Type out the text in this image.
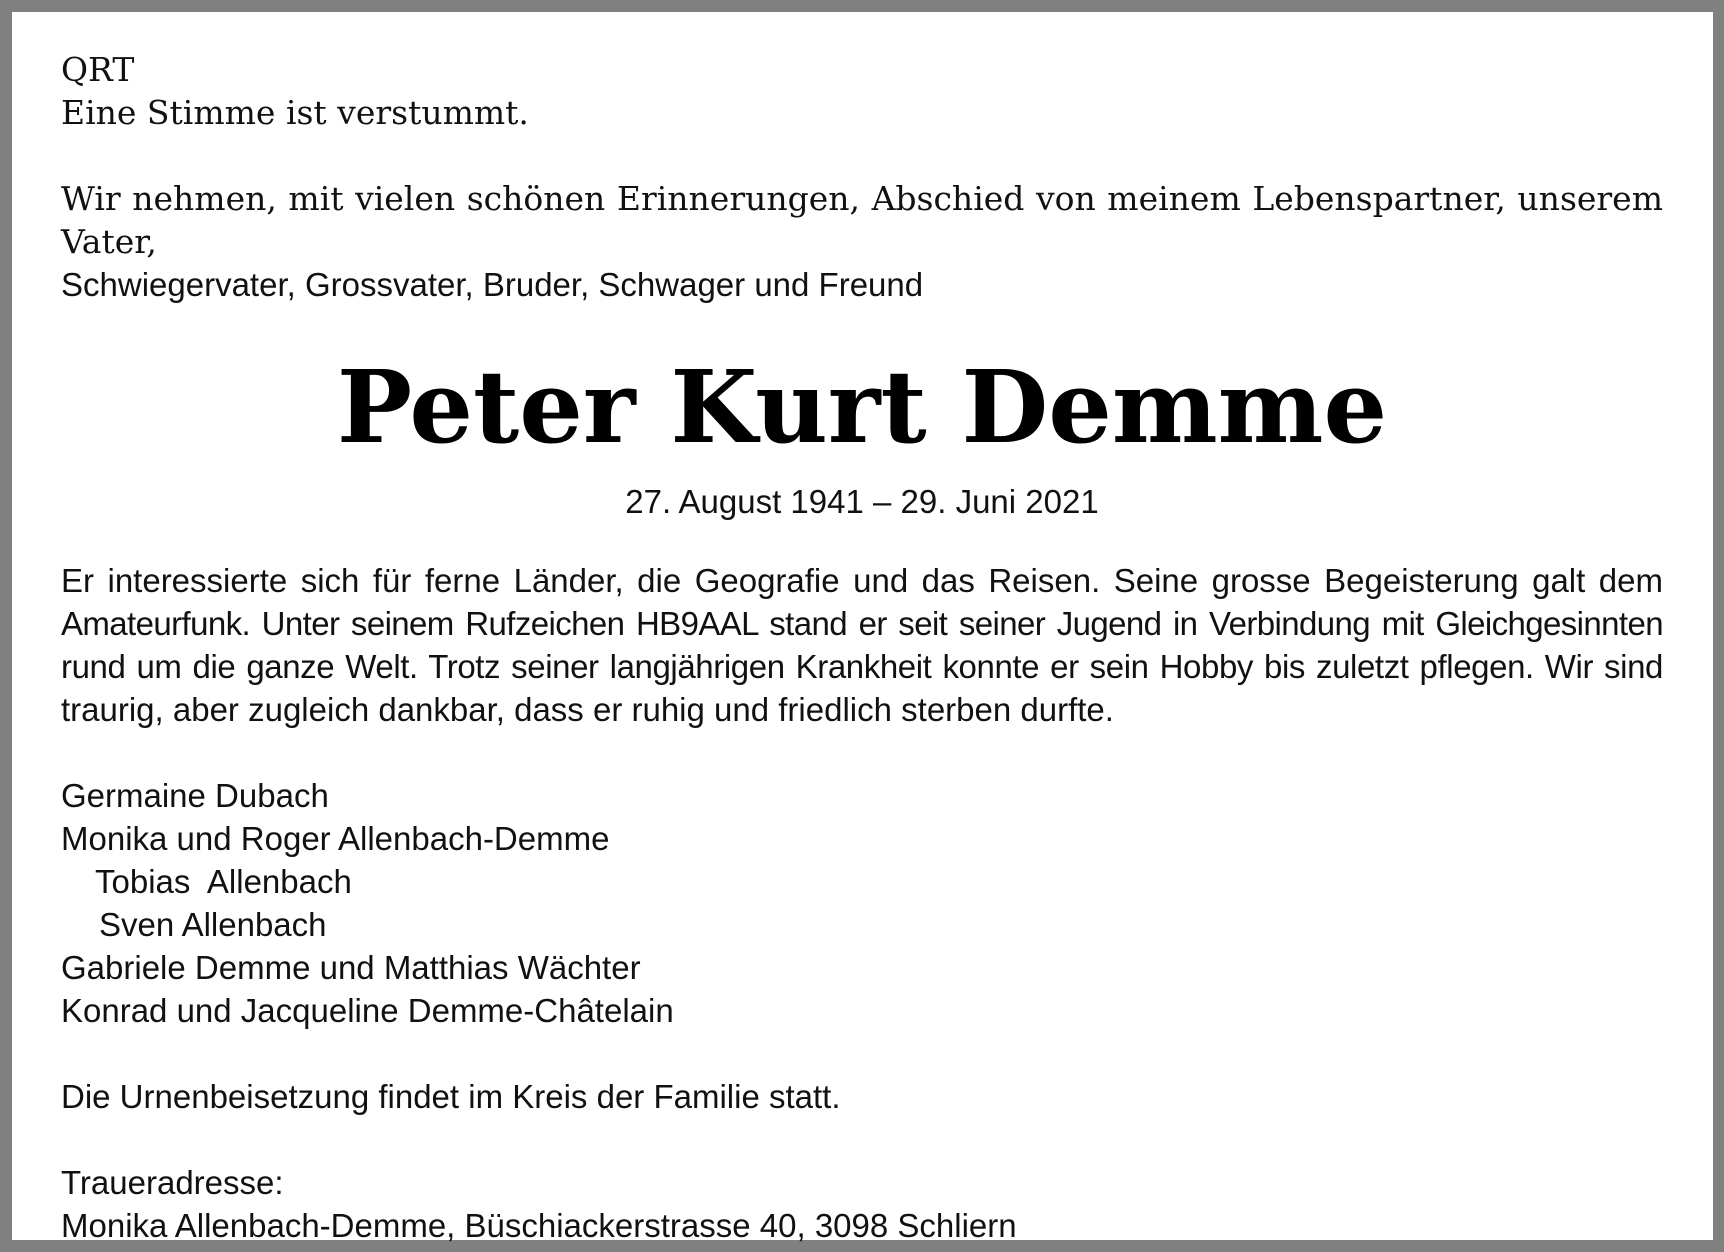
QRT

Eine Stimme ist verstummt.

Wir nehmen, mit vielen schönen Erinnerungen, Abschied von meinem Lebenspartner, unserem Vater,

Schwiegervater, Grossvater, Bruder, Schwager und Freund

Peter Kurt Demme

27. August 1941 – 29. Juni 2021

Er interessierte sich für ferne Länder, die Geografie und das Reisen. Seine grosse Begeisterung galt dem

Amateurfunk. Unter seinem Rufzeichen HB9AAL stand er seit seiner Jugend in Verbindung mit Gleichgesinnten

rund um die ganze Welt. Trotz seiner langjährigen Krankheit konnte er sein Hobby bis zuletzt pflegen. Wir sind

traurig, aber zugleich dankbar, dass er ruhig und friedlich sterben durfte.

Germaine Dubach

Monika und Roger Allenbach-Demme

Tobias  Allenbach

Sven Allenbach

Gabriele Demme und Matthias Wächter

Konrad und Jacqueline Demme-Châtelain

Die Urnenbeisetzung findet im Kreis der Familie statt.

Traueradresse:

Monika Allenbach-Demme, Büschiackerstrasse 40, 3098 Schliern
